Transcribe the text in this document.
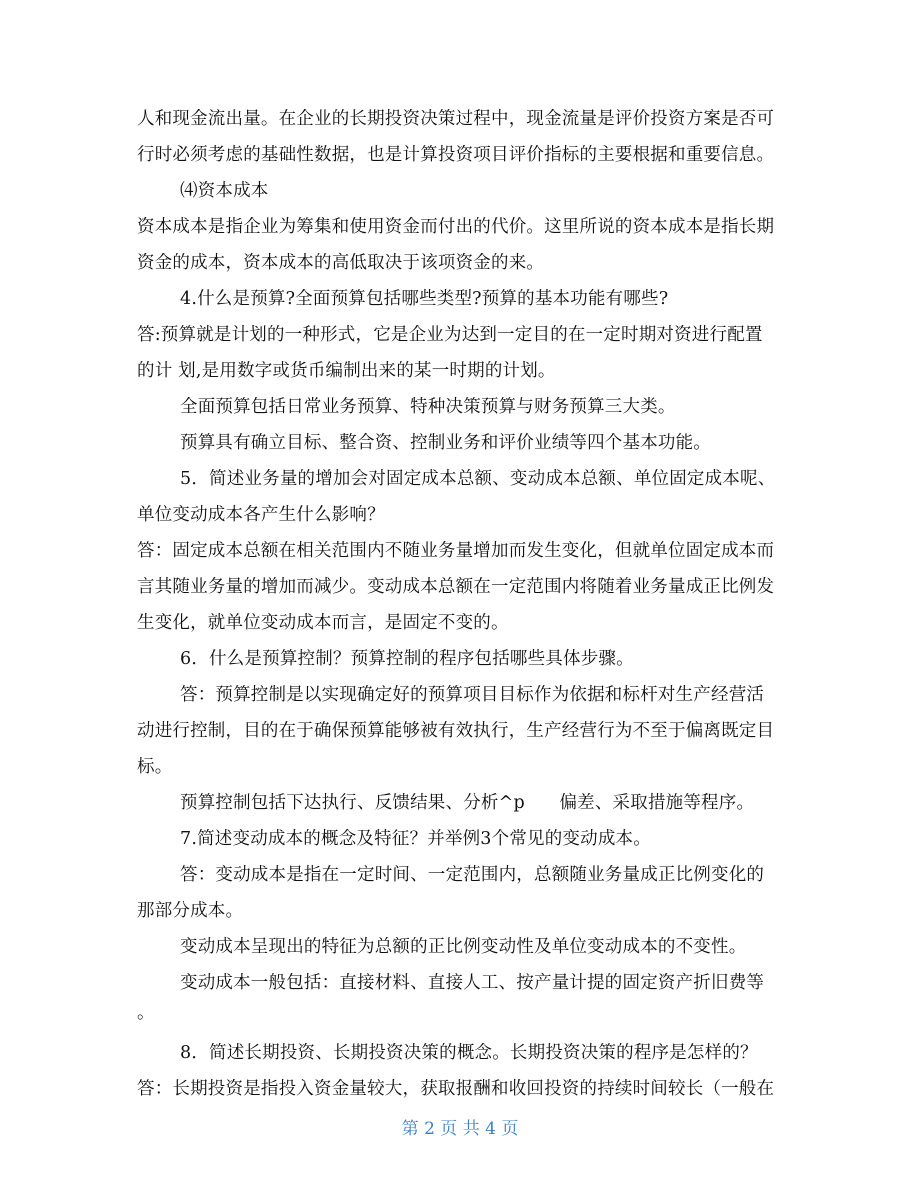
人和现金流出量。在企业的长期投资决策过程中，现金流量是评价投资方案是否可
行时必须考虑的基础性数据，也是计算投资项目评价指标的主要根据和重要信息。
⑷资本成本
资本成本是指企业为筹集和使用资金而付出的代价。这里所说的资本成本是指长期
资金的成本，资本成本的高低取决于该项资金的来。
4.什么是预算?全面预算包括哪些类型?预算的基本功能有哪些?
答:预算就是计划的一种形式，它是企业为达到一定目的在一定时期对资进行配置
的计 划,是用数字或货币编制出来的某一时期的计划。
全面预算包括日常业务预算、特种决策预算与财务预算三大类。
预算具有确立目标、整合资、控制业务和评价业绩等四个基本功能。
5．简述业务量的增加会对固定成本总额、变动成本总额、单位固定成本呢、
单位变动成本各产生什么影响？
答：固定成本总额在相关范围内不随业务量增加而发生变化，但就单位固定成本而
言其随业务量的增加而减少。变动成本总额在一定范围内将随着业务量成正比例发
生变化，就单位变动成本而言，是固定不变的。
6．什么是预算控制？预算控制的程序包括哪些具体步骤。
答：预算控制是以实现确定好的预算项目目标作为依据和标杆对生产经营活
动进行控制，目的在于确保预算能够被有效执行，生产经营行为不至于偏离既定目
标。
预算控制包括下达执行、反馈结果、分析^p      偏差、采取措施等程序。
7.简述变动成本的概念及特征？并举例3个常见的变动成本。
答：变动成本是指在一定时间、一定范围内，总额随业务量成正比例变化的
那部分成本。
变动成本呈现出的特征为总额的正比例变动性及单位变动成本的不变性。
变动成本一般包括：直接材料、直接人工、按产量计提的固定资产折旧费等
。
8．简述长期投资、长期投资决策的概念。长期投资决策的程序是怎样的？
答：长期投资是指投入资金量较大，获取报酬和收回投资的持续时间较长（一般在
第 2 页 共 4 页
